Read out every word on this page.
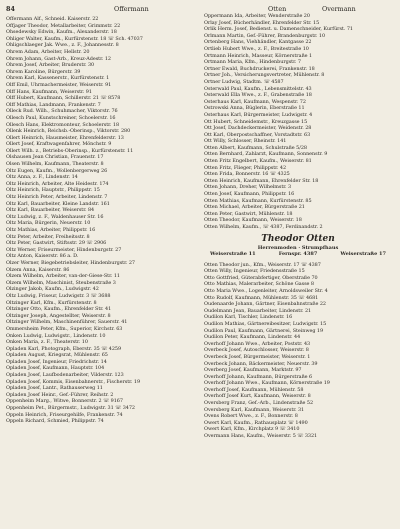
84	Offermann	Otten	Overmann
Offermann Alf., Schneid. Kaiserstr. 22
Offjager Theodor, Metallarbeiter, Grimmstr. 22
Ohsedewsky Edwin, Kaufm., Alexanderstr. 18
Ohliger Walter, Kaufm., Kurfürstenstr. 18 ☏ Sch. 47037
Ohligschlaeger Jak. Wwe., z. F., Johannesstr. 8
Ohrem Adam, Arbeiter, Hellstr. 20
Ohrem Johann, Gast-Arb., Kreuz-Adestr. 12
Ohrem Josef, Arbeiter, Bruderstr. 30
Ohrem Karoline, Bürgerstr. 39
Ohrem Karl, Kassenerstr., Kurfürstenstr. 1
Olff Emil, Uhrmachermeister, Weiserstr. 91
Olff Hans, Kaufmann, Weiserstr. 91
Olff Hubert, Kaufmann, Schillerstr. 21 ☏ 8578
Olff Mathias, Landmann, Frankenstr. 7
Olleck Rud. Wilh., Schuhmacher, Viktorstr. 76
Ollesch Paul, Kunstschreiner, Schoelerstr. 16
Ollesch Hans, Elektromonteur, Schoelerstr. 18
Ollenk Heinrich, Reichsb.-Oberinsp., Viktorstr. 280
Ollert Heinrich, Hausmeister, Ehrenfelderstr. 13
Ollert Josef, Kraftwagenfahrer, Mönchstr. 9
Ollert Wilh. z., Betriebs-Oberinsp., Kurfürstenstr. 11
Olshausen Jean Christian, Frauenstr. 17
Olsen Wilhelm, Kaufmann, Theaterstr. 8
Oltz Eugen, Kaufm., Wollenbergerweg 26
Oltz Anna, z. F., Lindenstr. 14
Oltz Heinrich, Arbeiter, Alte Heidestr. 174
Oltz Heinrich, Hauptstr., Philippstr. 15
Oltz Heinrich Peter, Arbeiter, Lindenstr. 7
Oltz Karl, Bauarbeiter, Kleine Landstr. 161
Oltz Karl, Bauarbeiter, Weiserstr. 84
Oltz Ludwig, z. F., Waldenhauser Str. 16
Oltz Maria, Bürgerin, Neuerstr. 10
Oltz Mathias, Arbeiter, Philippstr. 16
Oltz Peter, Arbeiter, Freiheitsstr. 8
Oltz Peter, Gastwirt, Stiftsstr. 29 ☏ 2906
Oltz Werner, Friseurmeister, Hindenburgstr. 27
Oltz Anton, Kaiserstr. 86 a. D.
Olzer Werner, Biegebetriebsleiter, Hindenburgstr. 27
Olzem Anna, Kaiserstr. 86
Olzem Wilhelm, Arbeiter, van-der-Giese-Str. 11
Olzem Wilhelm, Maschinist, Steubenstraße 3
Olzinger Jakob, Kaufm., Ludwigstr. 42
Oltz Ludwig, Friseur, Ludwigstr. 3 ☏ 3688
Oltzinger Karl, Kfm., Kurfürstenstr. 8
Oltzinger Otto, Kaufm., Ehrenfelder Str. 41
Oltzinger Joseph, Angestellter, Weiserstr. 8
Oltzinger Wilhelm, Maschinenführer, Sauerstr. 41
Ommersheim Peter, Kfm., Superior, Kirchstr. 63
Onken Ludwig, Ludwigstr., Lindenstr. 10
Onken Maria, z. F., Theaterstr. 10
Opladen Karl, Photograph, Eberstr. 35 ☏ 4259
Opladen August, Kriegsrat, Mühlenstr. 65
Opladen Josef, Ingenieur, Friedrichstr. 14
Opladen Josef, Kaufmann, Hauptstr. 104
Opladen Josef, Laufbodenarbeiter, Vilderstr. 123
Opladen Josef, Kommis, Eisenbahnerstr., Fischerstr. 19
Opladen Josef, Lantr., Rathauserweg 11
Opladen Josef Heinr., Gef.-Führer, Reihstr. 2
Oppenheim Marg., Witwe, Bonnerstr. 2 ☏ 9167
Oppenheim Pet., Bürgermstr., Ludwigstr. 31 ☏ 3472
Oppeln Heinrich, Friseurgehilfe, Frankenstr. 74
Oppeln Richard, Schmied, Philippstr. 74
Oppermann Ida, Arbeiter, Wenderstraße 20
Orlay Josef, Bücherhändler, Ehrenfelder Str. 15
Orlik Herm. Josef, Bedienst. u. Damenschneider, Kurfürst. 71
Orlmann Martin, Gef.-Führer, Brandenburgstr. 10
Ortenberg Hans, Viehhändler, Kantgasse 22
Ortlieb Hubert Wwe., z. F., Breitestraße 10
Ortmann Heinrich, Masseur, Körnerstraße 1
Ortmann Maria, Kfm., Hindenburgstr. 7
Ortner Ewald, Buchdruckerei, Frankenstr. 18
Ortner Joh., Versicherungsvertreter, Mühlenstr. 8
Ortner Ludwig, Stadtm. ☏ 4587
Osterwald Paul, Kaufm., Lebensmittelstr. 43
Osterwald Ella Wwe., z. F., Grabenstraße 18
Osterhaus Karl, Kaufmann, Wespenstr. 72
Ostrowski Anna, Büglerin, Eberstraße 11
Osterhaus Karl, Bürgermeister, Ludwigstr. 4
Ott Hubert, Schneidemstr., Kreuzgasse 15
Ott Josef, Dachdeckermeister, Weidenstr. 28
Ott Karl, Oberpostschaffner, Vorstadtstr. 63
Ott Willy, Schlosser, Rheinstr. 141
Otten Albert, Kaufmann, Schulstraße 5/28
Otten Bernhard, Zahlarzt, Kaufmann, Sonnenstr. 9
Otten Fritz Engelbert, Kaufm., Weiserstr. 81
Otten Fritz, Flieger, Philippstr. 42
Otten Frida, Bonnerstr. 16 ☏ 4325
Otten Heinrich, Kaufmann, Ehrenfelder Str. 18
Otten Johann, Dreher, Wilhelmstr. 3
Otten Josef, Kaufmann, Philippstr. 16
Otten Mathias, Kaufmann, Kurfürstenstr. 85
Otten Michael, Arbeiter, Bürgerstraße 21
Otten Peter, Gastwirt, Mühlenstr. 18
Otten Theodor, Kaufmann, Weiserstr. 18
Otten Wilhelm, Kaufm., ☏ 4387, Ferdinandstr. 2
Theodor Otten
Herrenmoden · Strumpfhaus
Weiserstraße 11	Fernspr. 4387	Weiserstraße 17
Otten Theodor jun., Kfm., Weiserstr. 17 ☏ 4387
Otten Willy, Ingenieur, Friedensstraße 15
Otto Gottfried, Güterabfertiger, Oberstraße 70
Otto Mathias, Malerarbeiter, Schöne Gasse 8
Otto Maria Wwe., Logenleiter, Arnoldsweiler Str. 4
Otto Rudolf, Kaufmann, Mühlenstr. 35 ☏ 4681
Oudenaarde Johann, Gärtner, Eisenbahnstraße 22
Oudelmann Jean, Bauarbeiter, Lindenstr. 21
Oudilon Karl, Tischler, Lindenstr. 16
Oudilon Mathias, Gärtnereibesitzer, Ludwigstr. 15
Oudilon Paul, Kaufmann, Gärtnerei, Steinweg 19
Oudilon Peter, Kaufmann, Lindenstr. 44
Overhoff Johann Wwe., Arbeiter, Poststr. 43
Overbeck Josef, Autoschlosser, Weiserstr. 8
Overbeck Josef, Bürgermeister, Weiserstr. 1
Overbeck Johann, Bäckermeister, Neuerstr. 39
Overberg Josef, Kaufmann, Marktstr. 97
Overhoff Johann, Kaufmann, Bürgerstraße 6
Overhoff Johann Wwe., Kaufmann, Körnerstraße 19
Overhoff Josef, Kaufmann, Mühlenstr. 58
Overhoff Josef Kurt, Kaufmann, Weiserstr. 8
Oversberg Franz, Gef.-Arb., Lindenstraße 52
Oversberg Karl, Kaufmann, Weiserstr. 31
Ovens Robert Wwe., z. F., Bonnerstr. 8
Owert Karl, Kaufm., Rathausplatz ☏ 1490
Owert Karl, Kfm., Kirchplatz 9 ☏ 3410
Overmann Hans, Kaufm., Weiserstr. 5 ☏ 3321
